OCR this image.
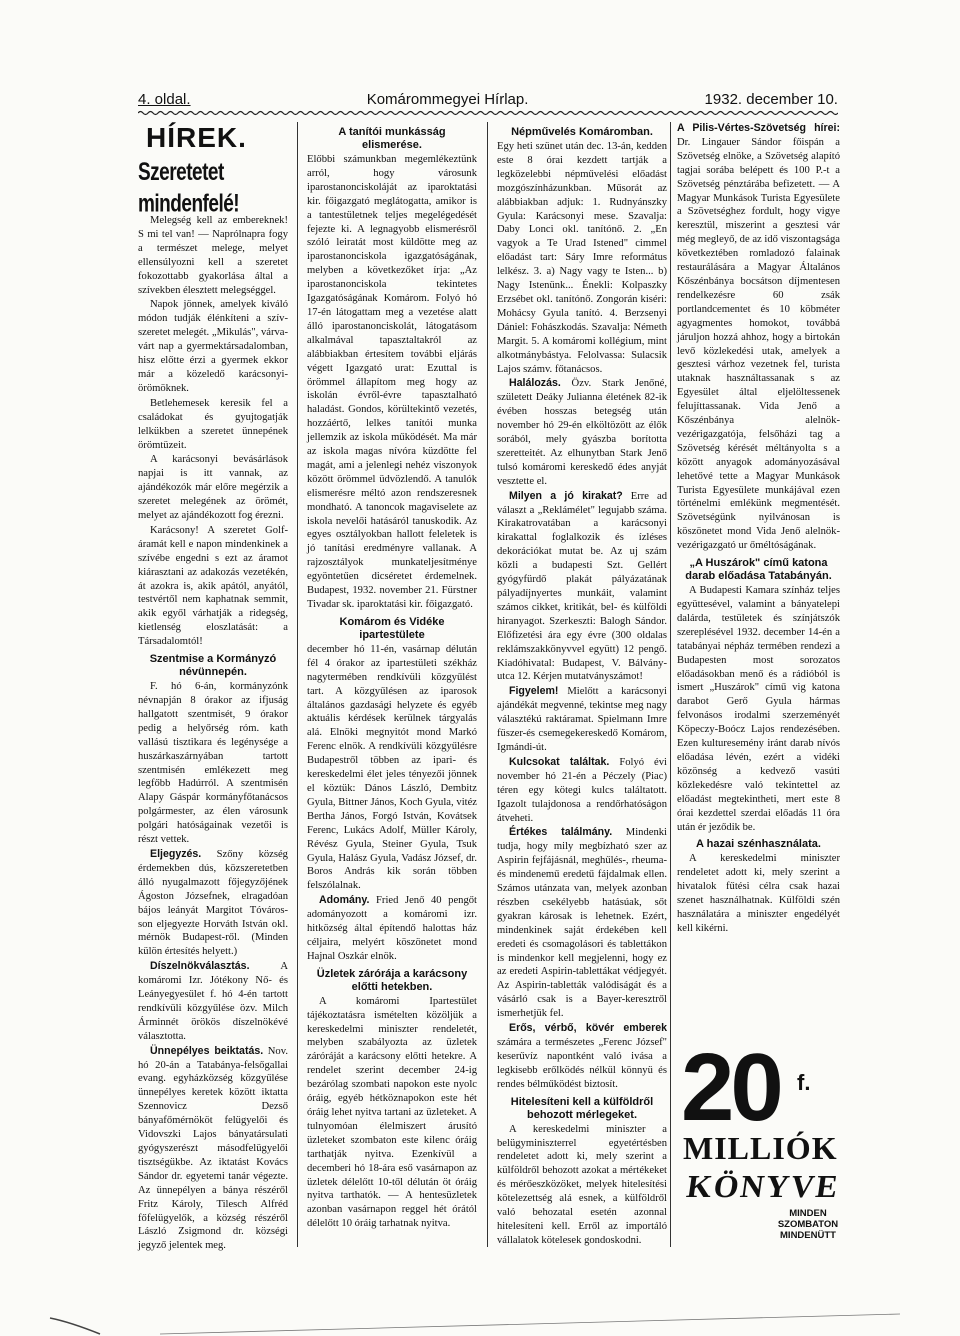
4. oldal.	Komárommegyei Hírlap.	1932. december 10.
HÍREK.
Szeretetet mindenfelé!

Melegség kell az embereknek! S mi tel van! — Naprólnapra fogy a természet melege, melyet ellensúlyozni kell a szeretet fokozottabb gyakorlása által a szívekben élesztett melegséggel.

Napok jönnek, amelyek kiváló módon tudják élénkíteni a szív-szeretet melegét. „Mikulás", várva-várt nap a gyermektársadalomban, hisz előtte érzi a gyermek ekkor már a közeledő karácsonyi-örömöknek.

Betlehemesek keresik fel a családokat és gyujtogatják lelkükben a szeretet ünnepének örömtüzeit.

A karácsonyi bevásárlások napjai is itt vannak, az ajándékozók már előre megérzik a szeretet melegének az örömét, melyet az ajándékozott fog érezni.

Karácsony! A szeretet Golf-áramát kell e napon mindenkinek a szívébe engedni s ezt az áramot kiárasztani az adakozás vezetékén, át azokra is, akik apától, anyától, testvértől nem kaphatnak semmit, akik egyől várhatják a ridegség, kietlenség eloszlatását: a Társadalomtól!

Szentmise a Kormányzó névünnepén.

F. hó 6-án, kormányzónk névnapján 8 órakor az ifjuság hallgatott szentmisét, 9 órakor pedig a helyőrség róm. kath vallású tisztikara és legénysége a huszárkaszárnyában tartott szentmisén emlékezett meg legfőbb Hadúrról. A szentmisén Alapy Gáspár kormányfőtanácsos polgármester, az élen városunk polgári hatóságainak vezetői is részt vettek.

Eljegyzés. Szőny község érdemekben dús, közszeretetben álló nyugalmazott főjegyzőjének Ágoston Józsefnek, elragadóan bájos leányát Margitot Tóváros-son eljegyezte Horváth István okl. mérnök Budapest-ről. (Minden külön értesítés helyett.)

Díszelnökválasztás.	A komáromi Izr. Jótékony Nő- és Leányegyesület f. hó 4-én tartott rendkívüli közgyűlése özv. Milch Árminnét örökös díszelnökévé választotta.

Ünnepélyes beiktatás. Nov. hó 20-án a Tatabánya-felsőgallai evang. egyházközség közgyűlése ünnepélyes keretek között iktatta Szennovicz Dezső bányafőmérnököt felügyelői és Vidovszki Lajos bányatársulati gyógyszerészt másodfelügyelői tisztségükbe. Az iktatást Kovács Sándor dr. egyetemi tanár végezte. Az ünnepélyen a bánya részéről Fritz Károly, Tilesch Alfréd főfelügyelők, a község részéről László Zsigmond dr. községi jegyző jelentek meg.

A tanítói munkásság elismerése.

Előbbi számunkban megemlékeztünk arról, hogy városunk iparostanonciskoláját az iparoktatási kir. főigazgató meglátogatta, amikor is a tantestületnek teljes megelégedését fejezte ki. A legnagyobb elismerésről szóló leiratát most küldötte meg az iparostanonciskola igazgatóságának, melyben a következőket írja: „Az iparostanonciskola tekintetes Igazgatóságának Komárom. Folyó hó 17-én látogattam meg a vezetése alatt álló iparostanonciskolát, látogatásom alkalmával tapasztaltakról az alábbiakban értesítem további eljárás végett Igazgató urat: Ezuttal is örömmel állapítom meg hogy az iskolán évről-évre tapasztalható haladást. Gondos, körültekintő vezetés, hozzáértő, lelkes tanítói munka jellemzik az iskola működését. Ma már az iskola magas nívóra küzdötte fel magát, ami a jelenlegi nehéz viszonyok között örömmel üdvözlendő. A tanulók elismerésre méltó azon rendszeresnek mondható. A tanoncok magaviselete az iskola nevelői hatásáról tanuskodik. Az egyes osztályokban hallott feleletek is jó tanítási eredményre vallanak. A rajzosztályok munkateljesítménye egyöntetűen dicséretet érdemelnek. Budapest, 1932. november 21. Fürstner Tivadar sk. iparoktatási kir. főigazgató.

Komárom és Vidéke ipartestülete

december hó 11-én, vasárnap délután fél 4 órakor az ipartestületi székház nagytermében rendkívüli közgyűlést tart. A közgyűlésen az iparosok általános gazdasági helyzete és egyéb aktuális kérdések kerülnek tárgyalás alá. Elnöki megnyitót mond Markó Ferenc elnök. A rendkívüli közgyűlésre Budapestről többen az ipari- és kereskedelmi élet jeles tényezői jönnek el köztük: Dános László, Dembitz Gyula, Bittner János, Koch Gyula, vitéz Bertha János, Forgó István, Kovátsek Ferenc, Lukács Adolf, Müller Károly, Révész Gyula, Steiner Gyula, Tsuk Gyula, Halász Gyula, Vadász József, dr. Boros András kik során többen felszólalnak.

Adomány. Fried Jenő 40 pengőt adományozott a komáromi izr. hitközség által építendő halottas ház céljaira, melyért köszönetet mond Hajnal Oszkár elnök.

Üzletek zárórája a karácsony előtti hetekben.

A komáromi Ipartestület tájékoztatásra ismételten közöljük a kereskedelmi miniszter rendeletét, melyben szabályozta az üzletek záróráját a karácsony előtti hetekre. A rendelet szerint december 24-ig bezárólag szombati napokon este nyolc óráig, egyéb hétköznapokon este hét óráig lehet nyitva tartani az üzleteket. A tulnyomóan élelmiszert árusító üzleteket szombaton este kilenc óráig tarthatják nyitva. Ezenkívül a decemberi hó 18-ára eső vasárnapon az üzletek délelőtt 10-től délután öt óráig nyitva tarthatók. — A hentesüzletek azonban vasárnapon reggel hét órától délelőtt 10 óráig tarhatnak nyitva.

Népművelés Komáromban.

Egy heti szünet után dec. 13-án, kedden este 8 órai kezdett tartják a legközelebbi népművelési előadást mozgószínházunkban. Műsorát az alábbiakban adjuk: 1. Rudnyánszky Gyula: Karácsonyi mese. Szavalja: Daby Lonci okl. tanítónő. 2. „En vagyok a Te Urad Istened" cimmel előadást tart: Sáry Imre református lelkész. 3. a) Nagy vagy te Isten... b) Nagy Istenünk... Énekli: Kolpaszky Erzsébet okl. tanítónő. Zongorán kiséri: Mohácsy Gyula tanító. 4. Berzsenyi Dániel: Fohászkodás. Szavalja: Németh Margit. 5. A komáromi kollégium, mint alkotmánybástya. Felolvassa: Sulacsik Lajos számv. főtanácsos.

Halálozás. Özv. Stark Jenőné, született Deáky Julianna életének 82-ik évében hosszas betegség után november hó 29-én elköltözött az élők sorából, mely gyászba borította szeretteitét. Az elhunytban Stark Jenő tulsó komáromi kereskedő édes anyját vesztette el.

Milyen a jó kirakat? Erre ad választ a „Reklámélet" legujabb száma. Kirakatrovatában a karácsonyi kirakattal foglalkozik és ízléses dekorációkat mutat be. Az uj szám közli a budapesti Szt. Gellért gyógyfürdő plakát pályázatának pályadíjnyertes munkáit, valamint számos cikket, kritikát, bel- és külföldi hiranyagot. Szerkeszti: Balogh Sándor. Előfizetési ára egy évre (300 oldalas reklámszakkönyvvel együtt) 12 pengő. Kiadóhivatal: Budapest, V. Bálvány-utca 12. Kérjen mutatványszámot!

Figyelem! Mielőtt a karácsonyi ajándékát megvenné, tekintse meg nagy választékú raktáramat. Spielmann Imre füszer-és csemegekereskedő Komárom, Igmándi-út.

Kulcsokat találtak. Folyó évi november hó 21-én a Péczely (Piac) téren egy kötegi kulcs találtatott. Igazolt tulajdonosa a rendőrhatóságon átveheti.

Értékes találmány. Mindenki tudja, hogy mily megbízható szer az Aspirin fejfájásnál, meghűlés-, rheuma- és mindenemű eredetű fájdalmak ellen. Számos utánzata van, melyek azonban részben csekélyebb hatásúak, sőt gyakran károsak is lehetnek. Ezért, mindenkinek saját érdekében kell eredeti és csomagolásori és tablettákon is mindenkor kell megjelenni, hogy ez az eredeti Aspirin-tablettákat védjegyét. Az Aspirin-tabletták valódiságát és a vásárló csak is a Bayer-keresztről ismerhetjük fel.

Erős, vérbő, kövér emberek számára a természetes „Ferenc József" keserűvíz napontként való ivása a legkisebb erőlködés nélkül könnyü és rendes bélműködést biztosít.

Hitelesíteni kell a külföldről behozott mérlegeket.

A kereskedelmi miniszter a belügyminiszterrel egyetértésben rendeletet adott ki, mely szerint a külföldről behozott azokat a mértékeket és mérőeszközöket, melyek hitelesítési kötelezettség alá esnek, a külföldről való behozatal esetén azonnal hitelesíteni kell. Erről az importáló vállalatok kötelesek gondoskodni.

A Pilis-Vértes-Szövetség hírei: Dr. Lingauer Sándor főispán a Szövetség elnöke, a Szövetség alapító tagjai sorába belépett és 100 P.-t a Szövetség pénztárába befizetett. — A Magyar Munkások Turista Egyesülete a Szövetséghez fordult, hogy vigye keresztül, miszerint a gesztesi vár még megleyő, de az idő viszontagsága következtében romladozó falainak restaurálására a Magyar Általános Kőszénbánya bocsátson díjmentesen rendelkezésre 60 zsák portlandcementet és 10 köbméter agyagmentes homokot, továbbá járuljon hozzá ahhoz, hogy a birtokán levő közlekedési utak, amelyek a gesztesi várhoz vezetnek fel, turista utaknak használtassanak s az Egyesület által eljelöltessenek felujíttassanak. Vida Jenő a Kőszénbánya alelnök-vezérigazgatója, felsőházi tag a Szövetség kérését méltányolta s a között anyagok adományozásával lehetővé tette a Magyar Munkások Turista Egyesülete munkájával ezen történelmi emlékünk megmentését. Szövetségünk nyilvánosan is köszönetet mond Vida Jenő alelnök-vezérigazgató ur őméltóságának.

„A Huszárok" című katona darab előadása Tatabányán.

A Budapesti Kamara színház teljes együttesével, valamint a bányatelepi dalárda, testületek és színjátszók szereplésével 1932. december 14-én a tatabányai népház termében rendezi a Budapesten most sorozatos előadásokban menő és a rádióból is ismert „Huszárok" című vig katona darabot Gerő Gyula hármas felvonásos irodalmi szerzeményét Köpeczy-Boócz Lajos rendezésében. Ezen kulturesemény iránt darab nívós előadása lévén, ezért a vidéki közönség a kedvező vasúti közlekedésre való tekintettel az előadást megtekintheti, mert este 8 órai kezdettel szerdai előadás 11 óra után ér jeződik be.

A hazai szénhasználata.

A kereskedelmi miniszter rendeletet adott ki, mely szerint a hivatalok fűtési célra csak hazai szenet használhatnak. Külföldi szén használatára a miniszter engedélyét kell kikérni.

20 f.
MILLIÓK
KÖNYVE
MINDEN
SZOMBATON
MINDENÜTT
